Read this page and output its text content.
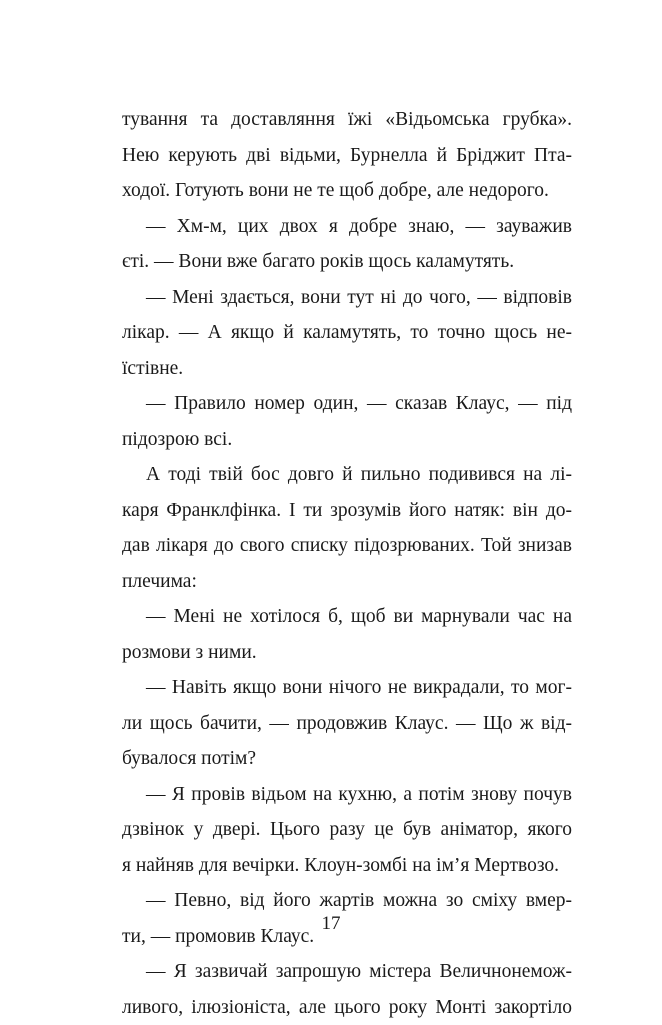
тування та доставляння їжі «Відьомська грубка».
Нею керують дві відьми, Бурнелла й Бріджит Пта-
ходої. Готують вони не те щоб добре, але недорого.
— Хм-м, цих двох я добре знаю, — зауважив
єті. — Вони вже багато років щось каламутять.
— Мені здається, вони тут ні до чого, — відповів
лікар. — А якщо й каламутять, то точно щось не-
їстівне.
— Правило номер один, — сказав Клаус, — під
підозрою всі.
А тоді твій бос довго й пильно подивився на лі-
каря Франклфінка. І ти зрозумів його натяк: він до-
дав лікаря до свого списку підозрюваних. Той знизав
плечима:
— Мені не хотілося б, щоб ви марнували час на
розмови з ними.
— Навіть якщо вони нічого не викрадали, то мог-
ли щось бачити, — продовжив Клаус. — Що ж від-
бувалося потім?
— Я провів відьом на кухню, а потім знову почув
дзвінок у двері. Цього разу це був аніматор, якого
я найняв для вечірки. Клоун-зомбі на ім’я Мертвозо.
— Певно, від його жартів можна зо сміху вмер-
ти, — промовив Клаус.
— Я зазвичай запрошую містера Величнонемож-
ливого, ілюзіоніста, але цього року Монті закортіло
17
